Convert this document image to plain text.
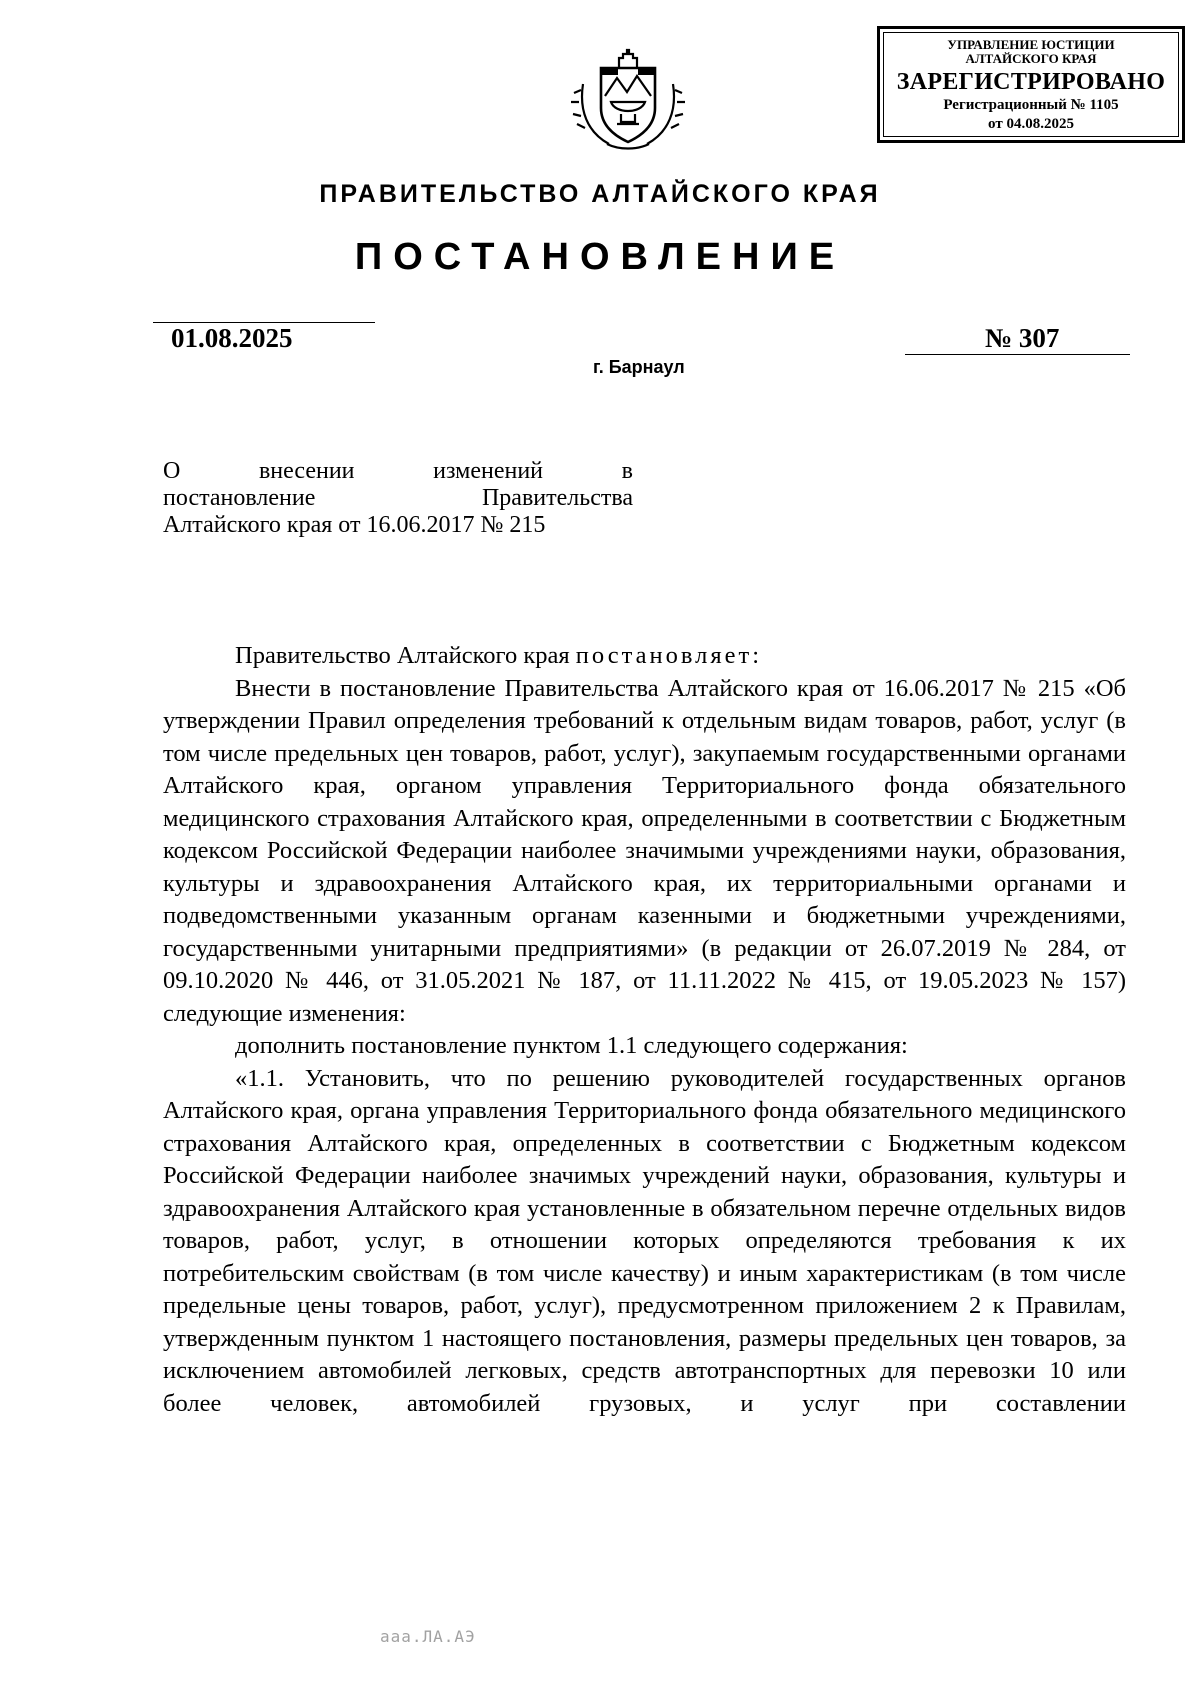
УПРАВЛЕНИЕ ЮСТИЦИИ
АЛТАЙСКОГО КРАЯ
ЗАРЕГИСТРИРОВАНО
Регистрационный № 1105
от 04.08.2025
ПРАВИТЕЛЬСТВО АЛТАЙСКОГО КРАЯ
ПОСТАНОВЛЕНИЕ
01.08.2025	№ 307
г. Барнаул
О внесении изменений в
постановление Правительства
Алтайского края от 16.06.2017 № 215

Правительство Алтайского края постановляет:

Внести в постановление Правительства Алтайского края от 16.06.2017 № 215 «Об утверждении Правил определения требований к отдельным видам товаров, работ, услуг (в том числе предельных цен товаров, работ, услуг), закупаемым государственными органами Алтайского края, органом управления Территориального фонда обязательного медицинского страхования Алтайского края, определенными в соответствии с Бюджетным кодексом Российской Федерации наиболее значимыми учреждениями науки, образования, культуры и здравоохранения Алтайского края, их территориальными органами и подведомственными указанным органам казенными и бюджетными учреждениями, государственными унитарными предприятиями» (в редакции от 26.07.2019 № 284, от 09.10.2020 № 446, от 31.05.2021 № 187, от 11.11.2022 № 415, от 19.05.2023 № 157) следующие изменения:

дополнить постановление пунктом 1.1 следующего содержания:

«1.1. Установить, что по решению руководителей государственных органов Алтайского края, органа управления Территориального фонда обязательного медицинского страхования Алтайского края, определенных в соответствии с Бюджетным кодексом Российской Федерации наиболее значимых учреждений науки, образования, культуры и здравоохранения Алтайского края установленные в обязательном перечне отдельных видов товаров, работ, услуг, в отношении которых определяются требования к их потребительским свойствам (в том числе качеству) и иным характеристикам (в том числе предельные цены товаров, работ, услуг), предусмотренном приложением 2 к Правилам, утвержденным пунктом 1 настоящего постановления, размеры предельных цен товаров, за исключением автомобилей легковых, средств автотранспортных для перевозки 10 или более человек, автомобилей грузовых, и услуг при составлении

ааа.ЛА.АЭ
